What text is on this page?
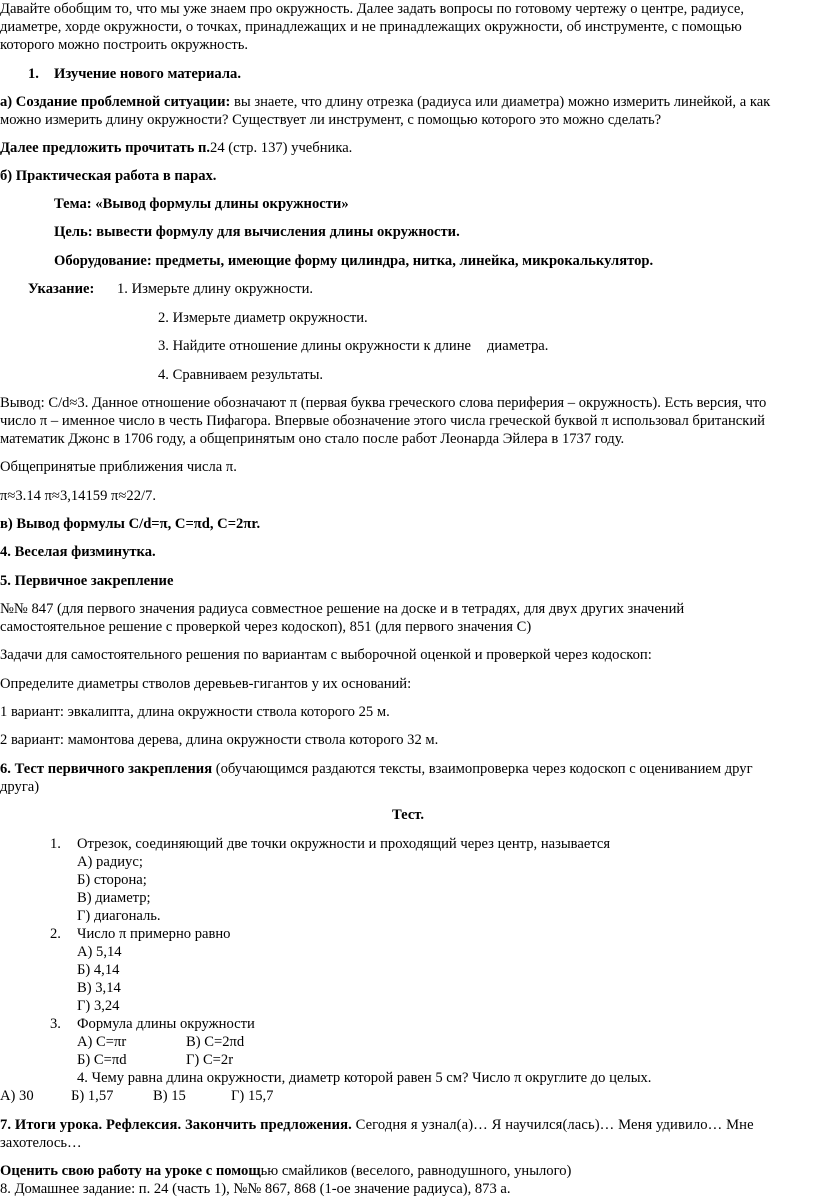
Давайте обобщим то, что мы уже знаем про окружность. Далее задать вопросы по готовому чертежу о центре, радиусе,
диаметре, хорде окружности, о точках, принадлежащих и не принадлежащих окружности, об инструменте, с помощью
которого можно построить окружность.
1. Изучение нового материала.
а) Создание проблемной ситуации: вы знаете, что длину отрезка (радиуса или диаметра) можно измерить линейкой, а как
можно измерить длину окружности? Существует ли инструмент, с помощью которого это можно сделать?
Далее предложить прочитать п.24 (стр. 137) учебника.
б) Практическая работа в парах.
Тема: «Вывод формулы длины окружности»
Цель: вывести формулу для вычисления длины окружности.
Оборудование: предметы, имеющие форму цилиндра, нитка, линейка, микрокалькулятор.
Указание: 1. Измерьте длину окружности.
2. Измерьте диаметр окружности.
3. Найдите отношение длины окружности к длине диаметра.
4. Сравниваем результаты.
Вывод: C/d≈3. Данное отношение обозначают π (первая буква греческого слова периферия – окружность). Есть версия, что
число π – именное число в честь Пифагора. Впервые обозначение этого числа греческой буквой π использовал британский
математик Джонс в 1706 году, а общепринятым оно стало после работ Леонарда Эйлера в 1737 году.
Общепринятые приближения числа π.
π≈3.14 π≈3,14159 π≈22/7.
в) Вывод формулы C/d=π, C=πd, C=2πr.
4. Веселая физминутка.
5. Первичное закрепление
№№ 847 (для первого значения радиуса совместное решение на доске и в тетрадях, для двух других значений
самостоятельное решение с проверкой через кодоскоп), 851 (для первого значения С)
Задачи для самостоятельного решения по вариантам с выборочной оценкой и проверкой через кодоскоп:
Определите диаметры стволов деревьев-гигантов у их оснований:
1 вариант: эвкалипта, длина окружности ствола которого 25 м.
2 вариант: мамонтова дерева, длина окружности ствола которого 32 м.
6. Тест первичного закрепления (обучающимся раздаются тексты, взаимопроверка через кодоскоп с оцениванием друг
друга)
Тест.
1. Отрезок, соединяющий две точки окружности и проходящий через центр, называется
А) радиус;
Б) сторона;
В) диаметр;
Г) диагональ.
2. Число π примерно равно
А) 5,14
Б) 4,14
В) 3,14
Г) 3,24
3. Формула длины окружности
А) C=πr	В) C=2πd
Б) C=πd	Г) C=2r
4. Чему равна длина окружности, диаметр которой равен 5 см? Число π округлите до целых.
А) 30	Б) 1,57	В) 15	Г) 15,7
7. Итоги урока. Рефлексия. Закончить предложения. Сегодня я узнал(а)… Я научился(лась)… Меня удивило… Мне
захотелось…
Оценить свою работу на уроке с помощью смайликов (веселого, равнодушного, унылого)
8. Домашнее задание: п. 24 (часть 1), №№ 867, 868 (1-ое значение радиуса), 873 а.
